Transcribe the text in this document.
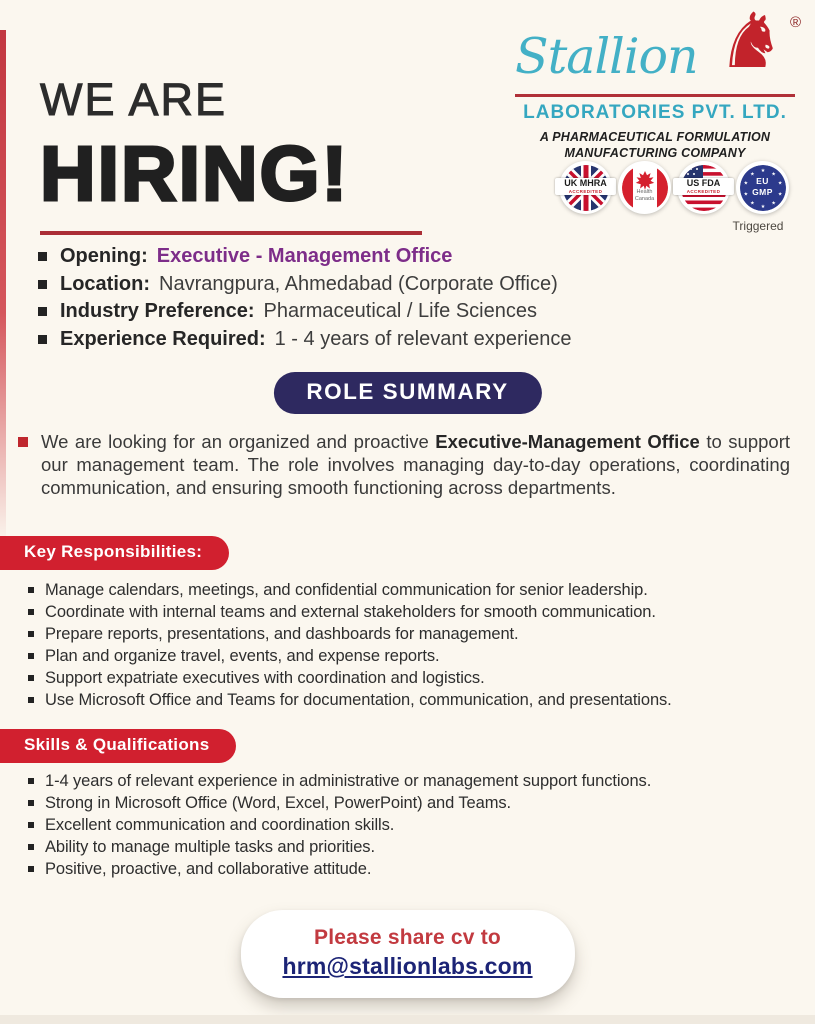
Stallion ♞ ®
LABORATORIES PVT. LTD.
A PHARMACEUTICAL FORMULATION
MANUFACTURING COMPANY
UK MHRA
ACCREDITED	Health
Canada
US FDA
ACCREDITED
★
★
★
★
★
★
★
★
★
★
EU
GMP
Triggered
WE ARE
HIRING!
Opening: Executive - Management Office
Location: Navrangpura, Ahmedabad (Corporate Office)
Industry Preference: Pharmaceutical / Life Sciences
Experience Required: 1 - 4 years of relevant experience
ROLE SUMMARY

We are looking for an organized and proactive Executive-Management Office to support our management team. The role involves managing day-to-day operations, coordinating communication, and ensuring smooth functioning across departments.

Key Responsibilities:
Manage calendars, meetings, and confidential communication for senior leadership.
Coordinate with internal teams and external stakeholders for smooth communication.
Prepare reports, presentations, and dashboards for management.
Plan and organize travel, events, and expense reports.
Support expatriate executives with coordination and logistics.
Use Microsoft Office and Teams for documentation, communication, and presentations.
Skills & Qualifications
1-4 years of relevant experience in administrative or management support functions.
Strong in Microsoft Office (Word, Excel, PowerPoint) and Teams.
Excellent communication and coordination skills.
Ability to manage multiple tasks and priorities.
Positive, proactive, and collaborative attitude.
Please share cv to
hrm@stallionlabs.com
